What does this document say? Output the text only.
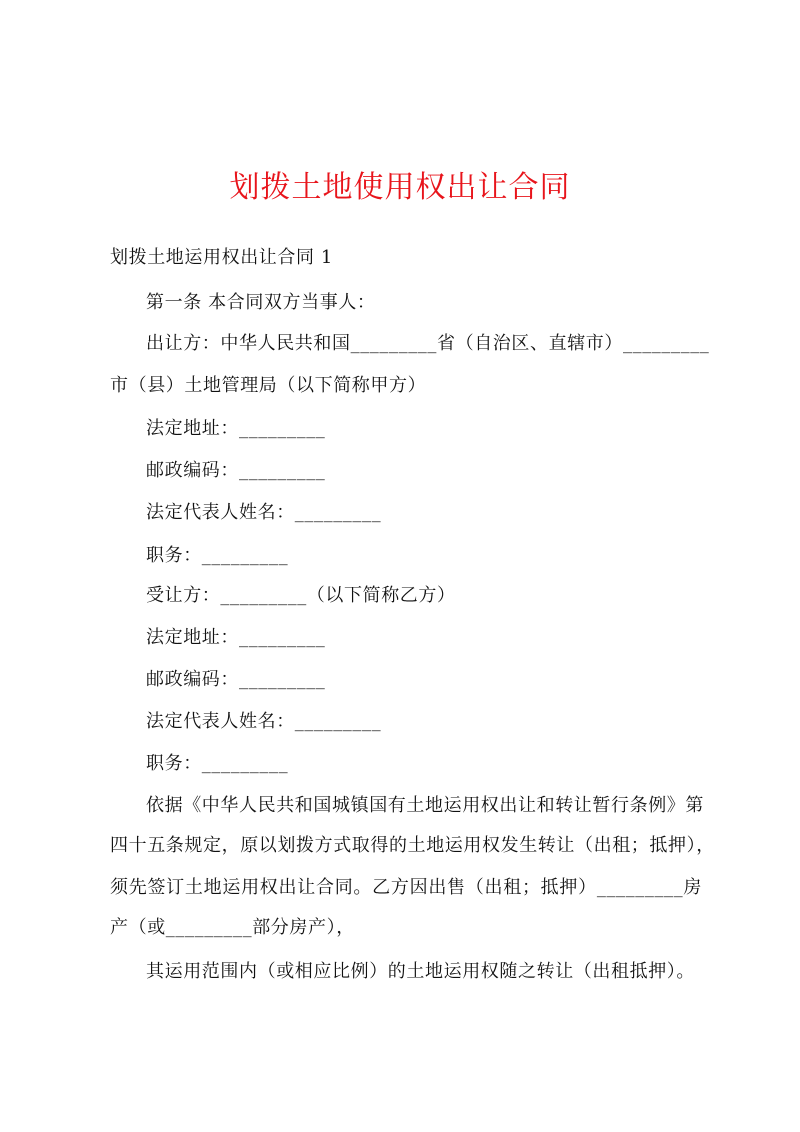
划拨土地使用权出让合同
划拨土地运用权出让合同 1
第一条 本合同双方当事人：
出让方：中华人民共和国_________省（自治区、直辖市）_________
市（县）土地管理局（以下简称甲方）
法定地址：_________
邮政编码：_________
法定代表人姓名：_________
职务：_________
受让方：_________（以下简称乙方）
法定地址：_________
邮政编码：_________
法定代表人姓名：_________
职务：_________
依据《中华人民共和国城镇国有土地运用权出让和转让暂行条例》第
四十五条规定，原以划拨方式取得的土地运用权发生转让（出租；抵押），
须先签订土地运用权出让合同。乙方因出售（出租；抵押）_________房
产（或_________部分房产），
其运用范围内（或相应比例）的土地运用权随之转让（出租抵押）。
